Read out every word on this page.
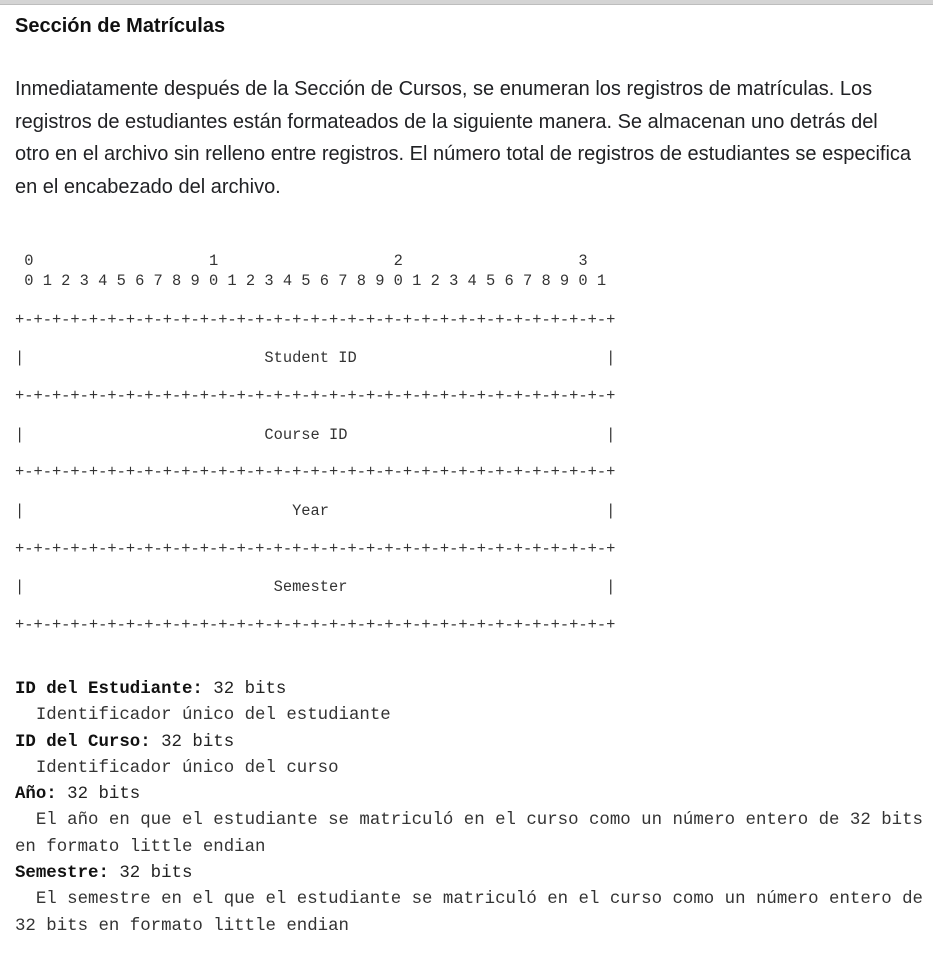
Sección de Matrículas

Inmediatamente después de la Sección de Cursos, se enumeran los registros de matrículas. Los registros de estudiantes están formateados de la siguiente manera. Se almacenan uno detrás del otro en el archivo sin relleno entre registros. El número total de registros de estudiantes se especifica en el encabezado del archivo.

0                   1                   2                   3
0 1 2 3 4 5 6 7 8 9 0 1 2 3 4 5 6 7 8 9 0 1 2 3 4 5 6 7 8 9 0 1
+-+-+-+-+-+-+-+-+-+-+-+-+-+-+-+-+-+-+-+-+-+-+-+-+-+-+-+-+-+-+-+-+
|                          Student ID                           |
+-+-+-+-+-+-+-+-+-+-+-+-+-+-+-+-+-+-+-+-+-+-+-+-+-+-+-+-+-+-+-+-+
|                          Course ID                            |
+-+-+-+-+-+-+-+-+-+-+-+-+-+-+-+-+-+-+-+-+-+-+-+-+-+-+-+-+-+-+-+-+
|                             Year                              |
+-+-+-+-+-+-+-+-+-+-+-+-+-+-+-+-+-+-+-+-+-+-+-+-+-+-+-+-+-+-+-+-+
|                           Semester                            |
+-+-+-+-+-+-+-+-+-+-+-+-+-+-+-+-+-+-+-+-+-+-+-+-+-+-+-+-+-+-+-+-+
ID del Estudiante: 32 bits
Identificador único del estudiante
ID del Curso: 32 bits
Identificador único del curso
Año: 32 bits
El año en que el estudiante se matriculó en el curso como un número entero de 32 bits en formato little endian
Semestre: 32 bits
El semestre en el que el estudiante se matriculó en el curso como un número entero de 32 bits en formato little endian
